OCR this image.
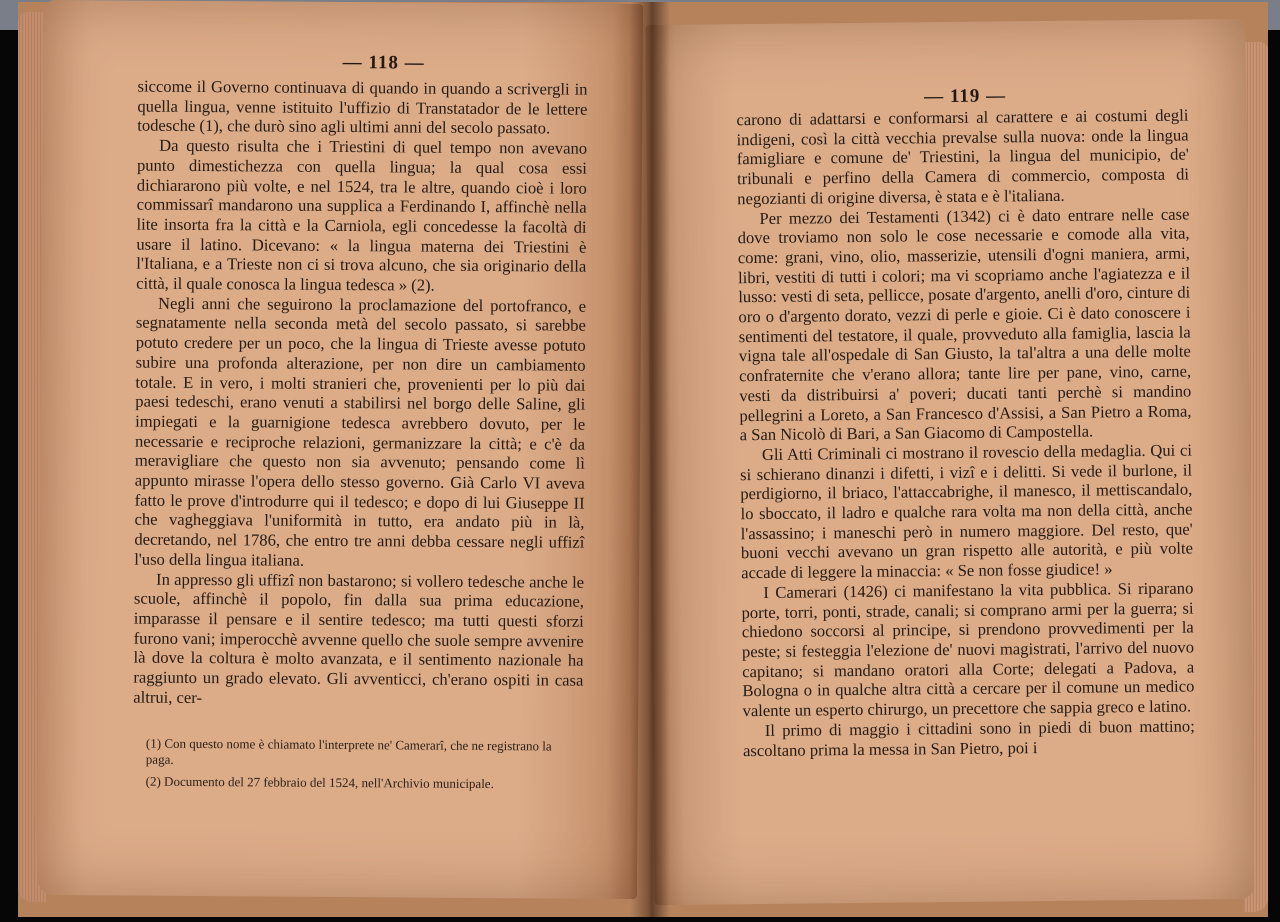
— 118 —

siccome il Governo continuava di quando in quando a scrivergli in quella lingua, venne istituito l'uffizio di Transtatador de le lettere todesche (1), che durò sino agli ultimi anni del secolo passato.

Da questo risulta che i Triestini di quel tempo non avevano punto dimestichezza con quella lingua; la qual cosa essi dichiararono più volte, e nel 1524, tra le altre, quando cioè i loro commissarî mandarono una supplica a Ferdinando I, affinchè nella lite insorta fra la città e la Carniola, egli concedesse la facoltà di usare il latino. Dicevano: « la lingua materna dei Triestini è l'Italiana, e a Trieste non ci si trova alcuno, che sia originario della città, il quale conosca la lingua tedesca » (2).

Negli anni che seguirono la proclamazione del portofranco, e segnatamente nella seconda metà del secolo passato, si sarebbe potuto credere per un poco, che la lingua di Trieste avesse potuto subire una profonda alterazione, per non dire un cambiamento totale. E in vero, i molti stranieri che, provenienti per lo più dai paesi tedeschi, erano venuti a stabilirsi nel borgo delle Saline, gli impiegati e la guarnigione tedesca avrebbero dovuto, per le necessarie e reciproche relazioni, germanizzare la città; e c'è da meravigliare che questo non sia avvenuto; pensando come lì appunto mirasse l'opera dello stesso governo. Già Carlo VI aveva fatto le prove d'introdurre qui il tedesco; e dopo di lui Giuseppe II che vagheggiava l'uniformità in tutto, era andato più in là, decretando, nel 1786, che entro tre anni debba cessare negli uffizî l'uso della lingua italiana.

In appresso gli uffizî non bastarono; si vollero tedesche anche le scuole, affinchè il popolo, fin dalla sua prima educazione, imparasse il pensare e il sentire tedesco; ma tutti questi sforzi furono vani; imperocchè avvenne quello che suole sempre avvenire là dove la coltura è molto avanzata, e il sentimento nazionale ha raggiunto un grado elevato. Gli avventicci, ch'erano ospiti in casa altrui, cer-

(1) Con questo nome è chiamato l'interprete ne' Camerarî, che ne registrano la paga.

(2) Documento del 27 febbraio del 1524, nell'Archivio municipale.

— 119 —

carono di adattarsi e conformarsi al carattere e ai costumi degli indigeni, così la città vecchia prevalse sulla nuova: onde la lingua famigliare e comune de' Triestini, la lingua del municipio, de' tribunali e perfino della Camera di commercio, composta di negozianti di origine diversa, è stata e è l'italiana.

Per mezzo dei Testamenti (1342) ci è dato entrare nelle case dove troviamo non solo le cose necessarie e comode alla vita, come: grani, vino, olio, masserizie, utensili d'ogni maniera, armi, libri, vestiti di tutti i colori; ma vi scopriamo anche l'agiatezza e il lusso: vesti di seta, pellicce, posate d'argento, anelli d'oro, cinture di oro o d'argento dorato, vezzi di perle e gioie. Ci è dato conoscere i sentimenti del testatore, il quale, provveduto alla famiglia, lascia la vigna tale all'ospedale di San Giusto, la tal'altra a una delle molte confraternite che v'erano allora; tante lire per pane, vino, carne, vesti da distribuirsi a' poveri; ducati tanti perchè si mandino pellegrini a Loreto, a San Francesco d'Assisi, a San Pietro a Roma, a San Nicolò di Bari, a San Giacomo di Campostella.

Gli Atti Criminali ci mostrano il rovescio della medaglia. Qui ci si schierano dinanzi i difetti, i vizî e i delitti. Si vede il burlone, il perdigiorno, il briaco, l'attaccabrighe, il manesco, il mettiscandalo, lo sboccato, il ladro e qualche rara volta ma non della città, anche l'assassino; i maneschi però in numero maggiore. Del resto, que' buoni vecchi avevano un gran rispetto alle autorità, e più volte accade di leggere la minaccia: « Se non fosse giudice! »

I Camerari (1426) ci manifestano la vita pubblica. Si riparano porte, torri, ponti, strade, canali; si comprano armi per la guerra; si chiedono soccorsi al principe, si prendono provvedimenti per la peste; si festeggia l'elezione de' nuovi magistrati, l'arrivo del nuovo capitano; si mandano oratori alla Corte; delegati a Padova, a Bologna o in qualche altra città a cercare per il comune un medico valente un esperto chirurgo, un precettore che sappia greco e latino.

Il primo di maggio i cittadini sono in piedi di buon mattino; ascoltano prima la messa in San Pietro, poi i
